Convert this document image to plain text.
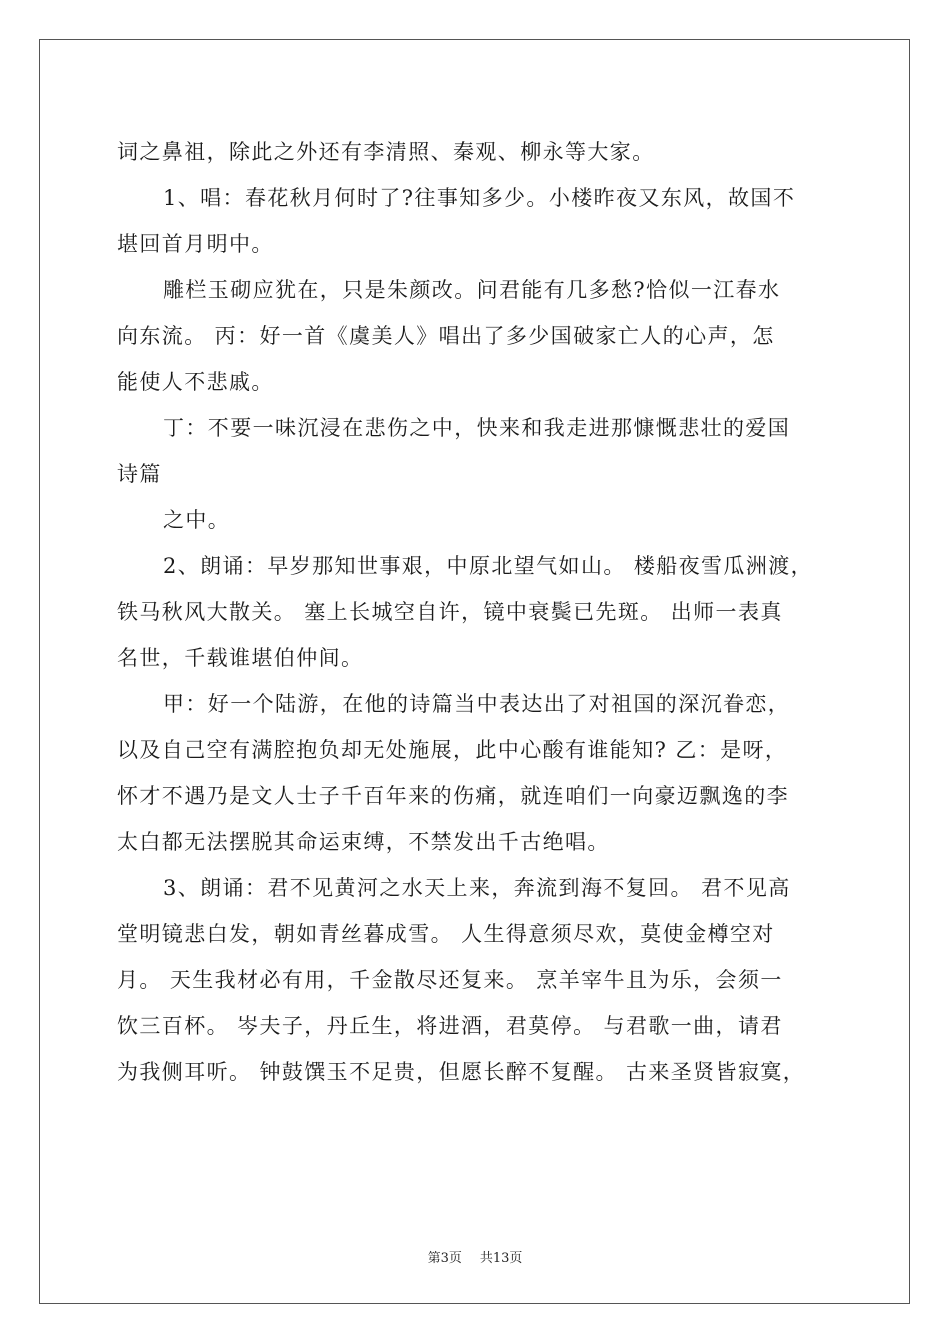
词之鼻祖，除此之外还有李清照、秦观、柳永等大家。
1、唱：春花秋月何时了?往事知多少。小楼昨夜又东风，故国不
堪回首月明中。
雕栏玉砌应犹在，只是朱颜改。问君能有几多愁?恰似一江春水
向东流。 丙：好一首《虞美人》唱出了多少国破家亡人的心声，怎
能使人不悲戚。
丁：不要一味沉浸在悲伤之中，快来和我走进那慷慨悲壮的爱国
诗篇
之中。
2、朗诵：早岁那知世事艰，中原北望气如山。 楼船夜雪瓜洲渡，
铁马秋风大散关。 塞上长城空自许，镜中衰鬓已先斑。 出师一表真
名世，千载谁堪伯仲间。
甲：好一个陆游，在他的诗篇当中表达出了对祖国的深沉眷恋，
以及自己空有满腔抱负却无处施展，此中心酸有谁能知? 乙：是呀，
怀才不遇乃是文人士子千百年来的伤痛，就连咱们一向豪迈飘逸的李
太白都无法摆脱其命运束缚，不禁发出千古绝唱。
3、朗诵：君不见黄河之水天上来，奔流到海不复回。 君不见高
堂明镜悲白发，朝如青丝暮成雪。 人生得意须尽欢，莫使金樽空对
月。 天生我材必有用，千金散尽还复来。 烹羊宰牛且为乐，会须一
饮三百杯。 岑夫子，丹丘生，将进酒，君莫停。 与君歌一曲，请君
为我侧耳听。 钟鼓馔玉不足贵，但愿长醉不复醒。 古来圣贤皆寂寞，
第3页 共13页
